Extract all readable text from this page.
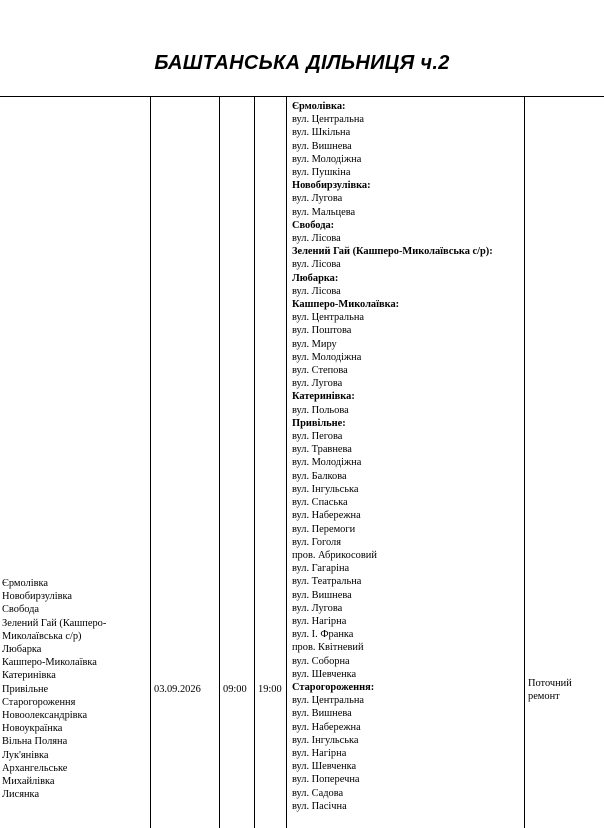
БАШТАНСЬКА ДІЛЬНИЦЯ ч.2
Єрмолівка
Новобирзулівка
Свобода
Зелений Гай (Кашперо-Миколаївська с/р)
Любарка
Кашперо-Миколаївка
Катеринівка
Привільне
Старогороження
Новоолександрівка
Новоукраїнка
Вільна Поляна
Лук'янівка
Архангельське
Михайлівка
Лисянка
03.09.2026	09:00	19:00
Єрмолівка:
вул. Центральна
вул. Шкільна
вул. Вишнева
вул. Молодіжна
вул. Пушкіна
Новобирзулівка:
вул. Лугова
вул. Мальцева
Свобода:
вул. Лісова
Зелений Гай (Кашперо-Миколаївська с/р):
вул. Лісова
Любарка:
вул. Лісова
Кашперо-Миколаївка:
вул. Центральна
вул. Поштова
вул. Миру
вул. Молодіжна
вул. Степова
вул. Лугова
Катеринівка:
вул. Польова
Привільне:
вул. Пегова
вул. Травнева
вул. Молодіжна
вул. Балкова
вул. Інгульська
вул. Спаська
вул. Набережна
вул. Перемоги
вул. Гоголя
пров. Абрикосовий
вул. Гагаріна
вул. Театральна
вул. Вишнева
вул. Лугова
вул. Нагірна
вул. І. Франка
пров. Квітневий
вул. Соборна
вул. Шевченка
Старогороження:
вул. Центральна
вул. Вишнева
вул. Набережна
вул. Інгульська
вул. Нагірна
вул. Шевченка
вул. Поперечна
вул. Садова
вул. Пасічна
Поточний ремонт
